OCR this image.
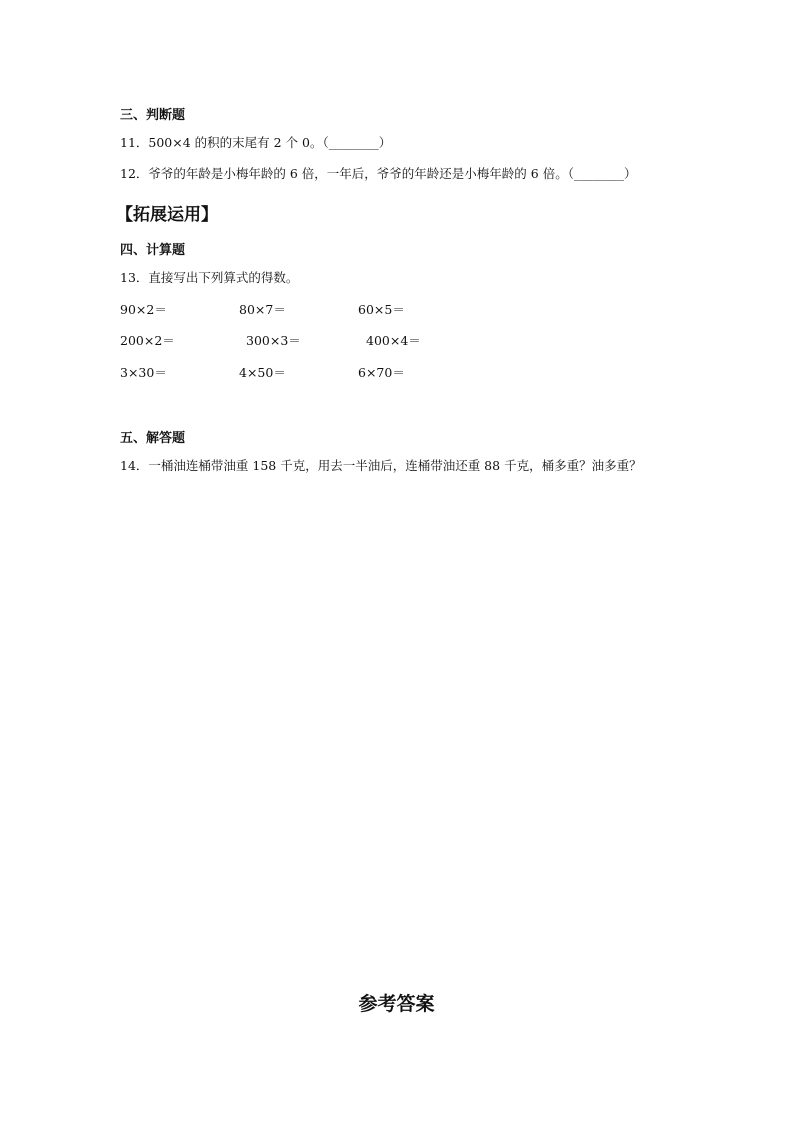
三、判断题
11．500×4 的积的末尾有 2 个 0。（________）
12．爷爷的年龄是小梅年龄的 6 倍，一年后，爷爷的年龄还是小梅年龄的 6 倍。（________）
【拓展运用】
四、计算题
13．直接写出下列算式的得数。
90×2＝	80×7＝	60×5＝
200×2＝	300×3＝	400×4＝
3×30＝	4×50＝	6×70＝
五、解答题
14．一桶油连桶带油重 158 千克，用去一半油后，连桶带油还重 88 千克，桶多重？油多重？
参考答案
